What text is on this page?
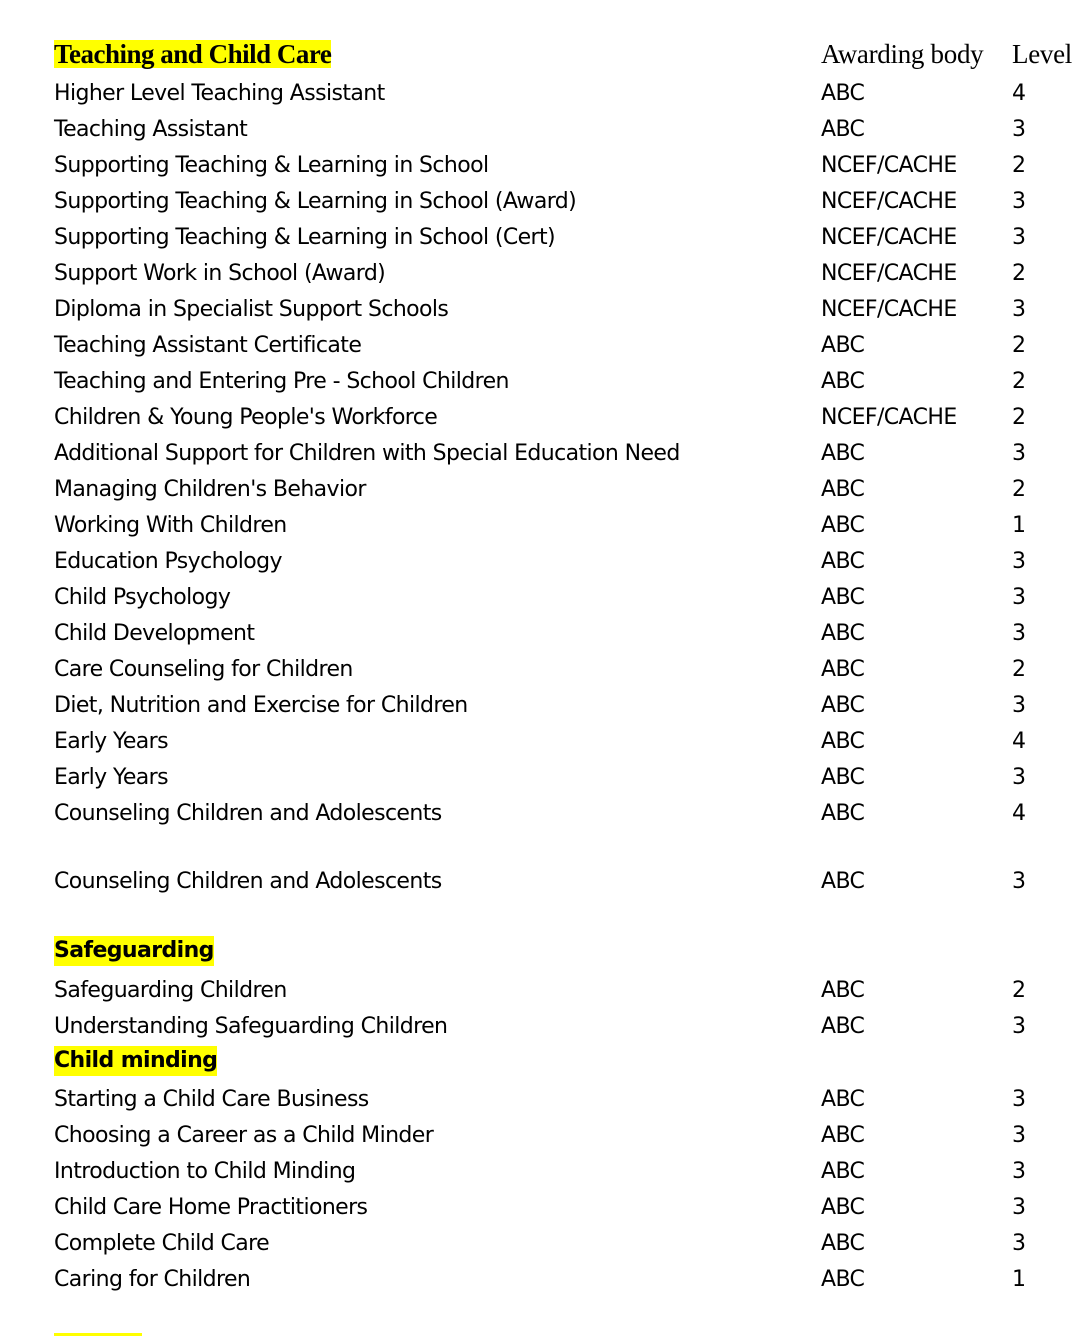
Teaching and Child Care	Awarding body Level
Higher Level Teaching Assistant	ABC	4
Teaching Assistant	ABC	3
Supporting Teaching & Learning in School	NCEF/CACHE	2
Supporting Teaching & Learning in School (Award)	NCEF/CACHE	3
Supporting Teaching & Learning in School (Cert)	NCEF/CACHE	3
Support Work in School (Award)	NCEF/CACHE	2
Diploma in Specialist Support Schools	NCEF/CACHE	3
Teaching Assistant Certificate	ABC	2
Teaching and Entering Pre - School Children	ABC	2
Children & Young People's Workforce	NCEF/CACHE	2
Additional Support for Children with Special Education Need	ABC	3
Managing Children's Behavior	ABC	2
Working With Children	ABC	1
Education Psychology	ABC	3
Child Psychology	ABC	3
Child Development	ABC	3
Care Counseling for Children	ABC	2
Diet, Nutrition and Exercise for Children	ABC	3
Early Years	ABC	4
Early Years	ABC	3
Counseling Children and Adolescents	ABC	4
Counseling Children and Adolescents	ABC	3
Safeguarding
Safeguarding Children	ABC	2
Understanding Safeguarding Children	ABC	3
Child minding
Starting a Child Care Business	ABC	3
Choosing a Career as a Child Minder	ABC	3
Introduction to Child Minding	ABC	3
Child Care Home Practitioners	ABC	3
Complete Child Care	ABC	3
Caring for Children	ABC	1
